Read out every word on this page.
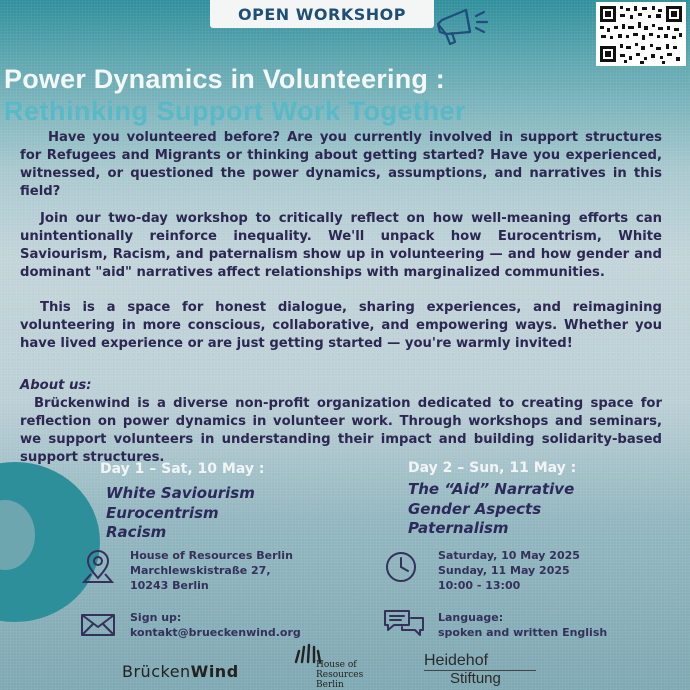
OPEN WORKSHOP
Power Dynamics in Volunteering :
Rethinking Support Work Together
Have you volunteered before? Are you currently involved in support structures for Refugees and Migrants or thinking about getting started? Have you experienced, witnessed, or questioned the power dynamics, assumptions, and narratives in this field?
Join our two-day workshop to critically reflect on how well-meaning efforts can unintentionally reinforce inequality. We'll unpack how Eurocentrism, White Saviourism, Racism, and paternalism show up in volunteering — and how gender and dominant "aid" narratives affect relationships with marginalized communities.
This is a space for honest dialogue, sharing experiences, and reimagining volunteering in more conscious, collaborative, and empowering ways. Whether you have lived experience or are just getting started — you're warmly invited!
About us:
Brückenwind is a diverse non-profit organization dedicated to creating space for reflection on power dynamics in volunteer work. Through workshops and seminars, we support volunteers in understanding their impact and building solidarity-based support structures.
Day 1 – Sat, 10 May :	Day 2 – Sun, 11 May :
White Saviourism
Eurocentrism
Racism
The “Aid” Narrative
Gender Aspects
Paternalism
House of Resources Berlin
Marchlewskistraße 27,
10243 Berlin
Saturday, 10 May 2025
Sunday, 11 May 2025
10:00 - 13:00
Sign up:
kontakt@brueckenwind.org
Language:
spoken and written English
BrückenWind	House of
Resources
Berlin
Heidehof
Stiftung
